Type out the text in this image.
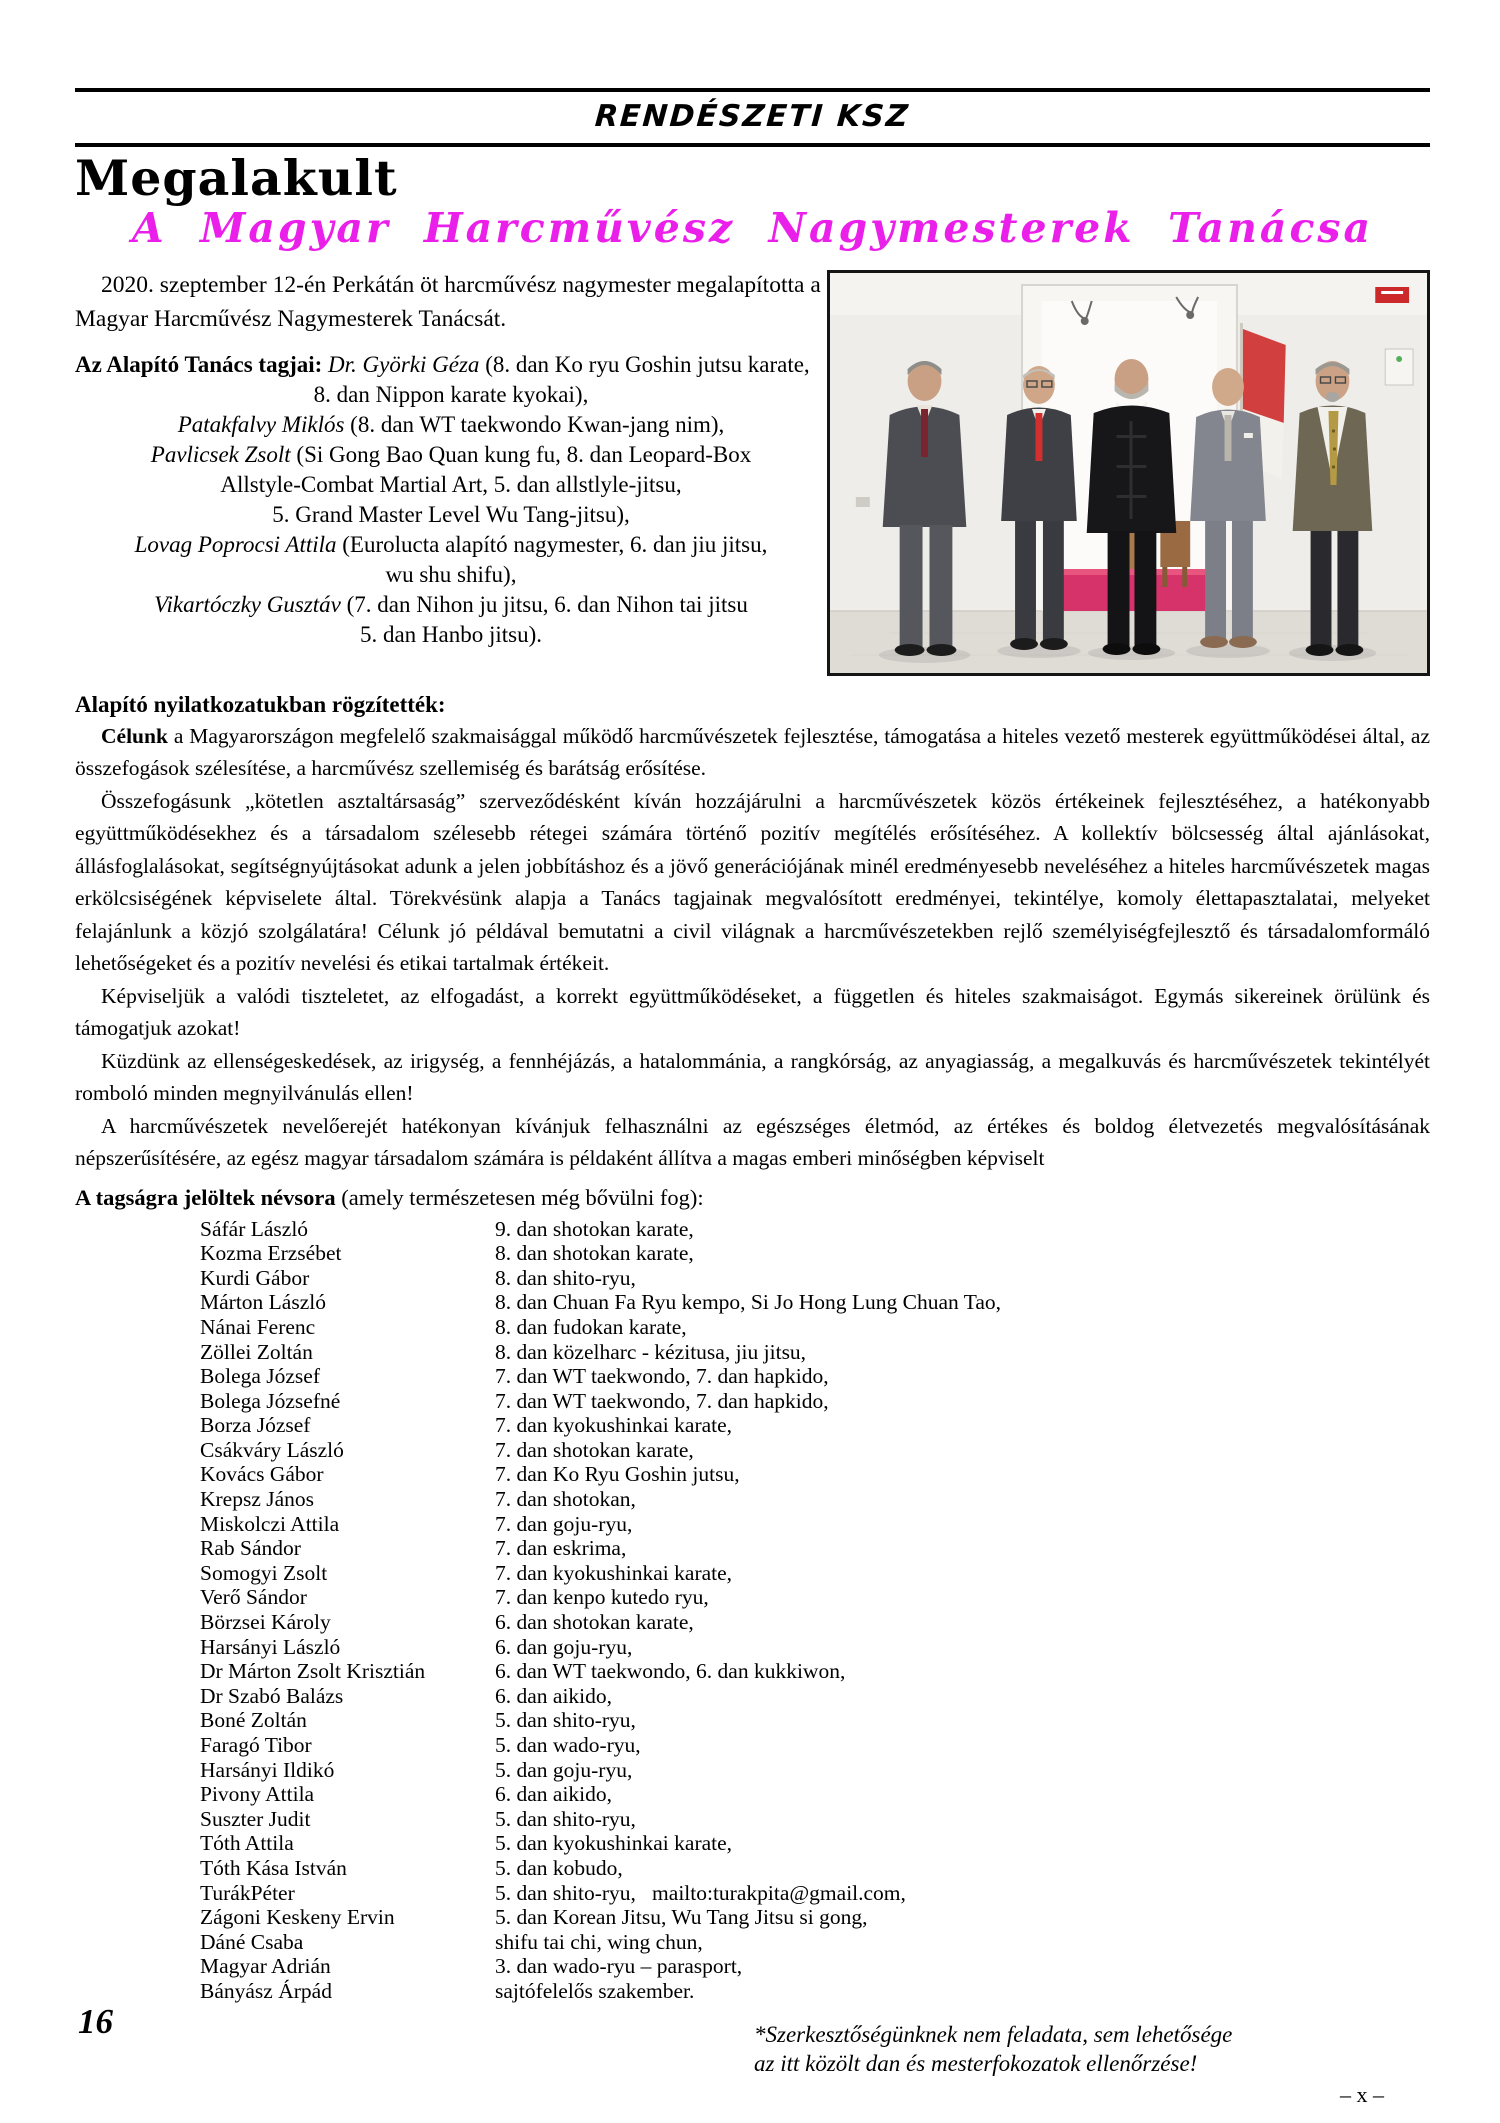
RENDÉSZETI KSZ
Megalakult
A Magyar Harcművész Nagymesterek Tanácsa

2020. szeptember 12-én Perkátán öt harcművész nagymester megalapította a Magyar Harcművész Nagymesterek Tanácsát.

Az Alapító Tanács tagjai: Dr. Györki Géza (8. dan Ko ryu Goshin jutsu karate,
8. dan Nippon karate kyokai),
Patakfalvy Miklós (8. dan WT taekwondo Kwan-jang nim),
Pavlicsek Zsolt (Si Gong Bao Quan kung fu, 8. dan Leopard-Box
Allstyle-Combat Martial Art, 5. dan allstlyle-jitsu,
5. Grand Master Level Wu Tang-jitsu),
Lovag Poprocsi Attila (Eurolucta alapító nagymester, 6. dan jiu jitsu,
wu shu shifu),
Vikartóczky Gusztáv (7. dan Nihon ju jitsu, 6. dan Nihon tai jitsu
5. dan Hanbo jitsu).
Alapító nyilatkozatukban rögzítették:

Célunk a Magyarországon megfelelő szakmaisággal működő harcművészetek fejlesztése, támogatása a hiteles vezető mesterek együttműködései által, az összefogások szélesítése, a harcművész szellemiség és barátság erősítése.

Összefogásunk „kötetlen asztaltársaság” szerveződésként kíván hozzájárulni a harcművészetek közös értékeinek fejlesztéséhez, a hatékonyabb együttműködésekhez és a társadalom szélesebb rétegei számára történő pozitív megítélés erősítéséhez. A kollektív bölcsesség által ajánlásokat, állásfoglalásokat, segítségnyújtásokat adunk a jelen jobbításhoz és a jövő generációjának minél eredményesebb neveléséhez a hiteles harcművészetek magas erkölcsiségének képviselete által. Törekvésünk alapja a Tanács tagjainak megvalósított eredményei, tekintélye, komoly élettapasztalatai, melyeket felajánlunk a közjó szolgálatára! Célunk jó példával bemutatni a civil világnak a harcművészetekben rejlő személyiségfejlesztő és társadalomformáló lehetőségeket és a pozitív nevelési és etikai tartalmak értékeit.

Képviseljük a valódi tiszteletet, az elfogadást, a korrekt együttműködéseket, a független és hiteles szakmaiságot. Egymás sikereinek örülünk és támogatjuk azokat!

Küzdünk az ellenségeskedések, az irigység, a fennhéjázás, a hatalommánia, a rangkórság, az anyagiasság, a megalkuvás és harcművészetek tekintélyét romboló minden megnyilvánulás ellen!

A harcművészetek nevelőerejét hatékonyan kívánjuk felhasználni az egészséges életmód, az értékes és boldog életvezetés megvalósításának népszerűsítésére, az egész magyar társadalom számára is példaként állítva a magas emberi minőségben képviselt

A tagságra jelöltek névsora (amely természetesen még bővülni fog):

Sáfár László	9. dan shotokan karate,
Kozma Erzsébet	8. dan shotokan karate,
Kurdi Gábor	8. dan shito-ryu,
Márton László	8. dan Chuan Fa Ryu kempo, Si Jo Hong Lung Chuan Tao,
Nánai Ferenc	8. dan fudokan karate,
Zöllei Zoltán	8. dan közelharc - kézitusa, jiu jitsu,
Bolega József	7. dan WT taekwondo, 7. dan hapkido,
Bolega Józsefné	7. dan WT taekwondo, 7. dan hapkido,
Borza József	7. dan kyokushinkai karate,
Csákváry László	7. dan shotokan karate,
Kovács Gábor	7. dan Ko Ryu Goshin jutsu,
Krepsz János	7. dan shotokan,
Miskolczi Attila	7. dan goju-ryu,
Rab Sándor	7. dan eskrima,
Somogyi Zsolt	7. dan kyokushinkai karate,
Verő Sándor	7. dan kenpo kutedo ryu,
Börzsei Károly	6. dan shotokan karate,
Harsányi László	6. dan goju-ryu,
Dr Márton Zsolt Krisztián	6. dan WT taekwondo, 6. dan kukkiwon,
Dr Szabó Balázs	6. dan aikido,
Boné Zoltán	5. dan shito-ryu,
Faragó Tibor	5. dan wado-ryu,
Harsányi Ildikó	5. dan goju-ryu,
Pivony Attila	6. dan aikido,
Suszter Judit	5. dan shito-ryu,
Tóth Attila	5. dan kyokushinkai karate,
Tóth Kása István	5. dan kobudo,
TurákPéter	5. dan shito-ryu,   mailto:turakpita@gmail.com,
Zágoni Keskeny Ervin	5. dan Korean Jitsu, Wu Tang Jitsu si gong,
Dáné Csaba	shifu tai chi, wing chun,
Magyar Adrián	3. dan wado-ryu – parasport,
Bányász Árpád	sajtófelelős szakember.
*Szerkesztőségünknek nem feladata, sem lehetősége
az itt közölt dan és mesterfokozatok ellenőrzése!
– x –
16
